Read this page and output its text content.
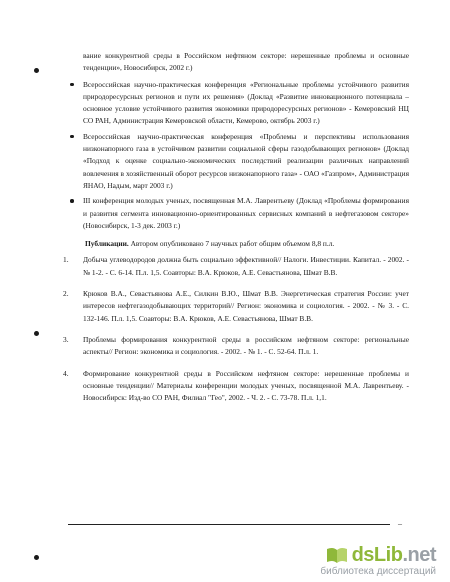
вание конкурентной среды в Российском нефтяном секторе: нерешенные проблемы и основные тенденции», Новосибирск, 2002 г.)

Всероссийская научно-практическая конференция «Региональные проблемы устойчивого развития природоресурсных регионов и пути их решения» (Доклад «Развитие инновационного потенциала – основное условие устойчивого развития экономики природоресурсных регионов» - Кемеровский НЦ СО РАН, Администрация Кемеровской области, Кемерово, октябрь 2003 г.)
Всероссийская научно-практическая конференция «Проблемы и перспективы использования низконапорного газа в устойчивом развитии социальной сферы газодобывающих регионов» (Доклад «Подход к оценке социально-экономических последствий реализации различных направлений вовлечения в хозяйственный оборот ресурсов низконапорного газа» - ОАО «Газпром», Администрация ЯНАО, Надым, март 2003 г.)
III конференция молодых ученых, посвященная М.А. Лаврентьеву (Доклад «Проблемы формирования и развития сегмента инновационно-ориентированных сервисных компаний в нефтегазовом секторе» (Новосибирск, 1-3 дек. 2003 г.)

Публикации. Автором опубликовано 7 научных работ общим объемом 8,8 п.л.

1. Добыча углеводородов должна быть социально эффективной// Налоги. Инвестиции. Капитал. - 2002. - № 1-2. - С. 6-14. П.л. 1,5. Соавторы: В.А. Крюков, А.Е. Севастьянова, Шмат В.В.
2. Крюков В.А., Севастьянова А.Е., Силкин В.Ю., Шмат В.В. Энергетическая стратегия России: учет интересов нефтегазодобывающих территорий// Регион: экономика и социология. - 2002. - № 3. - С. 132-146. П.л. 1,5. Соавторы: В.А. Крюков, А.Е. Севастьянова, Шмат В.В.
3. Проблемы формирования конкурентной среды в российском нефтяном секторе: региональные аспекты// Регион: экономика и социология. - 2002. - № 1. - С. 52-64. П.л. 1.
4. Формирование конкурентной среды в Российском нефтяном секторе: нерешенные проблемы и основные тенденции// Материалы конференции молодых ученых, посвященной М.А. Лаврентьеву. - Новосибирск: Изд-во СО РАН, Филиал "Гео", 2002. - Ч. 2. - С. 73-78. П.л. 1,1.
–
dsLib.net
библиотека диссертаций
